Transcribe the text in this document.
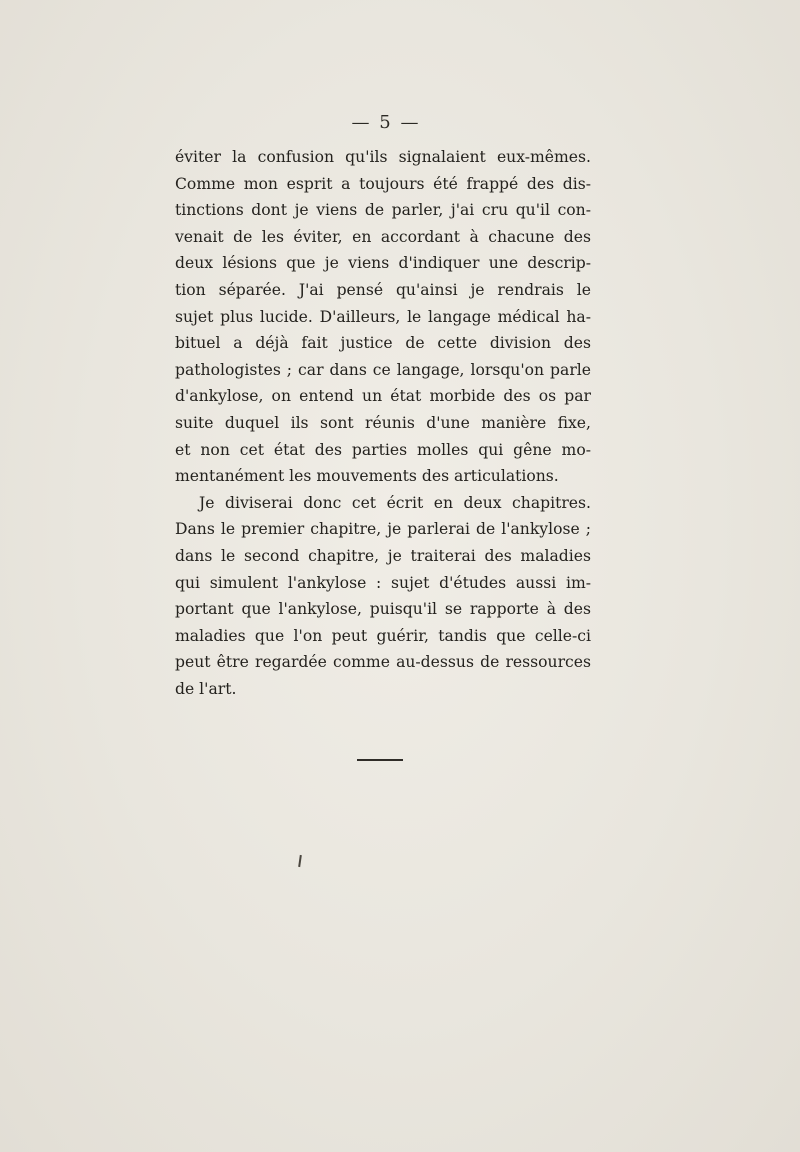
— 5 —
éviter la confusion qu'ils signalaient eux-mêmes.
Comme mon esprit a toujours été frappé des dis-
tinctions dont je viens de parler, j'ai cru qu'il con-
venait de les éviter, en accordant à chacune des
deux lésions que je viens d'indiquer une descrip-
tion séparée. J'ai pensé qu'ainsi je rendrais le
sujet plus lucide. D'ailleurs, le langage médical ha-
bituel a déjà fait justice de cette division des
pathologistes ; car dans ce langage, lorsqu'on parle
d'ankylose, on entend un état morbide des os par
suite duquel ils sont réunis d'une manière fixe,
et non cet état des parties molles qui gêne mo-
mentanément les mouvements des articulations.
Je diviserai donc cet écrit en deux chapitres.
Dans le premier chapitre, je parlerai de l'ankylose ;
dans le second chapitre, je traiterai des maladies
qui simulent l'ankylose : sujet d'études aussi im-
portant que l'ankylose, puisqu'il se rapporte à des
maladies que l'on peut guérir, tandis que celle-ci
peut être regardée comme au-dessus de ressources
de l'art.
